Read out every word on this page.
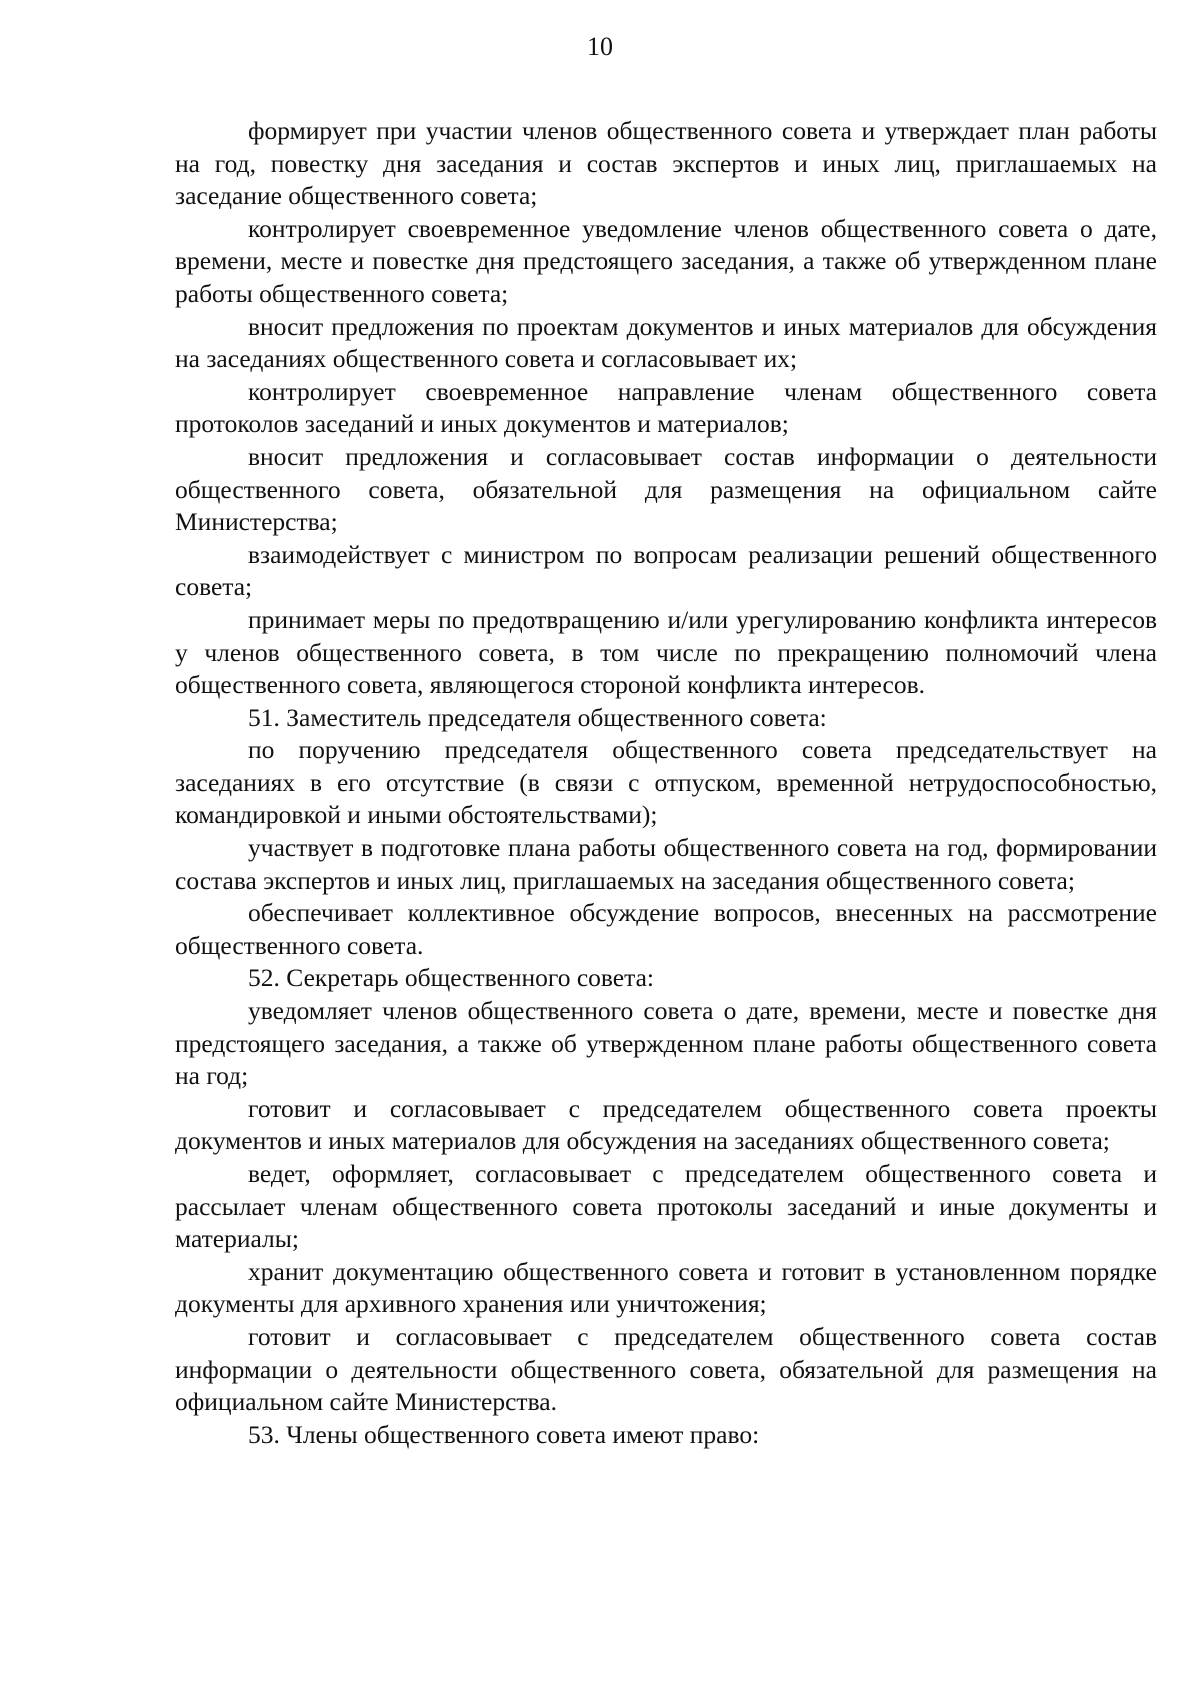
10

формирует при участии членов общественного совета и утверждает план работы на год, повестку дня заседания и состав экспертов и иных лиц, приглашаемых на заседание общественного совета;

контролирует своевременное уведомление членов общественного совета о дате, времени, месте и повестке дня предстоящего заседания, а также об утвержденном плане работы общественного совета;

вносит предложения по проектам документов и иных материалов для обсуждения на заседаниях общественного совета и согласовывает их;

контролирует своевременное направление членам общественного совета протоколов заседаний и иных документов и материалов;

вносит предложения и согласовывает состав информации о деятельности общественного совета, обязательной для размещения на официальном сайте Министерства;

взаимодействует с министром по вопросам реализации решений общественного совета;

принимает меры по предотвращению и/или урегулированию конфликта интересов у членов общественного совета, в том числе по прекращению полномочий члена общественного совета, являющегося стороной конфликта интересов.

51. Заместитель председателя общественного совета:

по поручению председателя общественного совета председательствует на заседаниях в его отсутствие (в связи с отпуском, временной нетрудоспособностью, командировкой и иными обстоятельствами);

участвует в подготовке плана работы общественного совета на год, формировании состава экспертов и иных лиц, приглашаемых на заседания общественного совета;

обеспечивает коллективное обсуждение вопросов, внесенных на рассмотрение общественного совета.

52. Секретарь общественного совета:

уведомляет членов общественного совета о дате, времени, месте и повестке дня предстоящего заседания, а также об утвержденном плане работы общественного совета на год;

готовит и согласовывает с председателем общественного совета проекты документов и иных материалов для обсуждения на заседаниях общественного совета;

ведет, оформляет, согласовывает с председателем общественного совета и рассылает членам общественного совета протоколы заседаний и иные документы и материалы;

хранит документацию общественного совета и готовит в установленном порядке документы для архивного хранения или уничтожения;

готовит и согласовывает с председателем общественного совета состав информации о деятельности общественного совета, обязательной для размещения на официальном сайте Министерства.

53. Члены общественного совета имеют право:
